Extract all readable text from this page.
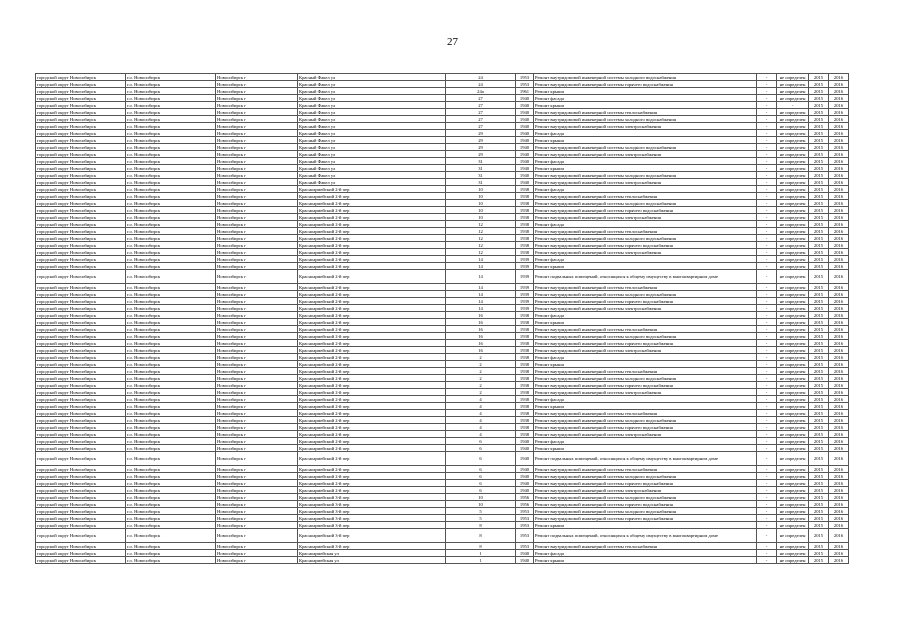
27
городской округ Новосибирск	г.о. Новосибирск	Новосибирск г	Красный Факел ул	24	1953	Ремонт внутридомовой инженерной системы холодного водоснабжения	-	не определен	2015	2016
городской округ Новосибирск	г.о. Новосибирск	Новосибирск г	Красный Факел ул	24	1953	Ремонт внутридомовой инженерной системы горячего водоснабжения	-	не определен	2015	2016
городской округ Новосибирск	г.о. Новосибирск	Новосибирск г	Красный Факел ул	24а	1961	Ремонт крыши	-	не определен	2015	2016
городской округ Новосибирск	г.о. Новосибирск	Новосибирск г	Красный Факел ул	27	1940	Ремонт фасада	-	не определен	2015	2016
городской округ Новосибирск	г.о. Новосибирск	Новосибирск г	Красный Факел ул	27	1940	Ремонт крыши	-	-	2015	2016
городской округ Новосибирск	г.о. Новосибирск	Новосибирск г	Красный Факел ул	27	1940	Ремонт внутридомовой инженерной системы теплоснабжения	-	не определен	2015	2016
городской округ Новосибирск	г.о. Новосибирск	Новосибирск г	Красный Факел ул	27	1940	Ремонт внутридомовой инженерной системы холодного водоснабжения	-	не определен	2015	2016
городской округ Новосибирск	г.о. Новосибирск	Новосибирск г	Красный Факел ул	27	1940	Ремонт внутридомовой инженерной системы электроснабжения	-	не определен	2015	2016
городской округ Новосибирск	г.о. Новосибирск	Новосибирск г	Красный Факел ул	29	1940	Ремонт фасада	-	не определен	2015	2016
городской округ Новосибирск	г.о. Новосибирск	Новосибирск г	Красный Факел ул	29	1940	Ремонт крыши	-	не определен	2015	2016
городской округ Новосибирск	г.о. Новосибирск	Новосибирск г	Красный Факел ул	29	1940	Ремонт внутридомовой инженерной системы холодного водоснабжения	-	не определен	2015	2016
городской округ Новосибирск	г.о. Новосибирск	Новосибирск г	Красный Факел ул	29	1940	Ремонт внутридомовой инженерной системы электроснабжения	-	не определен	2015	2016
городской округ Новосибирск	г.о. Новосибирск	Новосибирск г	Красный Факел ул	31	1940	Ремонт фасада	-	не определен	2015	2016
городской округ Новосибирск	г.о. Новосибирск	Новосибирск г	Красный Факел ул	31	1940	Ремонт крыши	-	не определен	2015	2016
городской округ Новосибирск	г.о. Новосибирск	Новосибирск г	Красный Факел ул	31	1940	Ремонт внутридомовой инженерной системы холодного водоснабжения	-	не определен	2015	2016
городской округ Новосибирск	г.о. Новосибирск	Новосибирск г	Красный Факел ул	31	1940	Ремонт внутридомовой инженерной системы электроснабжения	-	не определен	2015	2016
городской округ Новосибирск	г.о. Новосибирск	Новосибирск г	Красноармейский 2-й пер	10	1938	Ремонт фасада	-	не определен	2015	2016
городской округ Новосибирск	г.о. Новосибирск	Новосибирск г	Красноармейский 2-й пер	10	1938	Ремонт внутридомовой инженерной системы теплоснабжения	-	не определен	2015	2016
городской округ Новосибирск	г.о. Новосибирск	Новосибирск г	Красноармейский 2-й пер	10	1938	Ремонт внутридомовой инженерной системы холодного водоснабжения	-	не определен	2015	2016
городской округ Новосибирск	г.о. Новосибирск	Новосибирск г	Красноармейский 2-й пер	10	1938	Ремонт внутридомовой инженерной системы горячего водоснабжения	-	не определен	2015	2016
городской округ Новосибирск	г.о. Новосибирск	Новосибирск г	Красноармейский 2-й пер	10	1938	Ремонт внутридомовой инженерной системы электроснабжения	-	не определен	2015	2016
городской округ Новосибирск	г.о. Новосибирск	Новосибирск г	Красноармейский 2-й пер	12	1938	Ремонт фасада	-	не определен	2015	2016
городской округ Новосибирск	г.о. Новосибирск	Новосибирск г	Красноармейский 2-й пер	12	1938	Ремонт внутридомовой инженерной системы теплоснабжения	-	не определен	2015	2016
городской округ Новосибирск	г.о. Новосибирск	Новосибирск г	Красноармейский 2-й пер	12	1938	Ремонт внутридомовой инженерной системы холодного водоснабжения	-	не определен	2015	2016
городской округ Новосибирск	г.о. Новосибирск	Новосибирск г	Красноармейский 2-й пер	12	1938	Ремонт внутридомовой инженерной системы горячего водоснабжения	-	не определен	2015	2016
городской округ Новосибирск	г.о. Новосибирск	Новосибирск г	Красноармейский 2-й пер	12	1938	Ремонт внутридомовой инженерной системы электроснабжения	-	не определен	2015	2016
городской округ Новосибирск	г.о. Новосибирск	Новосибирск г	Красноармейский 2-й пер	14	1939	Ремонт фасада	-	не определен	2015	2016
городской округ Новосибирск	г.о. Новосибирск	Новосибирск г	Красноармейский 2-й пер	14	1939	Ремонт крыши	-	не определен	2015	2016
городской округ Новосибирск	г.о. Новосибирск	Новосибирск г	Красноармейский 2-й пер	14	1939	Ремонт подвальных помещений, относящихся к общему имуществу в многоквартирном доме	-	не определен	2015	2016
городской округ Новосибирск	г.о. Новосибирск	Новосибирск г	Красноармейский 2-й пер	14	1939	Ремонт внутридомовой инженерной системы теплоснабжения	-	не определен	2015	2016
городской округ Новосибирск	г.о. Новосибирск	Новосибирск г	Красноармейский 2-й пер	14	1939	Ремонт внутридомовой инженерной системы холодного водоснабжения	-	не определен	2015	2016
городской округ Новосибирск	г.о. Новосибирск	Новосибирск г	Красноармейский 2-й пер	14	1939	Ремонт внутридомовой инженерной системы горячего водоснабжения	-	не определен	2015	2016
городской округ Новосибирск	г.о. Новосибирск	Новосибирск г	Красноармейский 2-й пер	14	1939	Ремонт внутридомовой инженерной системы электроснабжения	-	не определен	2015	2016
городской округ Новосибирск	г.о. Новосибирск	Новосибирск г	Красноармейский 2-й пер	16	1938	Ремонт фасада	-	не определен	2015	2016
городской округ Новосибирск	г.о. Новосибирск	Новосибирск г	Красноармейский 2-й пер	16	1938	Ремонт крыши	-	не определен	2015	2016
городской округ Новосибирск	г.о. Новосибирск	Новосибирск г	Красноармейский 2-й пер	16	1938	Ремонт внутридомовой инженерной системы теплоснабжения	-	не определен	2015	2016
городской округ Новосибирск	г.о. Новосибирск	Новосибирск г	Красноармейский 2-й пер	16	1938	Ремонт внутридомовой инженерной системы холодного водоснабжения	-	не определен	2015	2016
городской округ Новосибирск	г.о. Новосибирск	Новосибирск г	Красноармейский 2-й пер	16	1938	Ремонт внутридомовой инженерной системы горячего водоснабжения	-	не определен	2015	2016
городской округ Новосибирск	г.о. Новосибирск	Новосибирск г	Красноармейский 2-й пер	16	1938	Ремонт внутридомовой инженерной системы электроснабжения	-	не определен	2015	2016
городской округ Новосибирск	г.о. Новосибирск	Новосибирск г	Красноармейский 2-й пер	2	1938	Ремонт фасада	-	не определен	2015	2016
городской округ Новосибирск	г.о. Новосибирск	Новосибирск г	Красноармейский 2-й пер	2	1938	Ремонт крыши	-	не определен	2015	2016
городской округ Новосибирск	г.о. Новосибирск	Новосибирск г	Красноармейский 2-й пер	2	1938	Ремонт внутридомовой инженерной системы теплоснабжения	-	не определен	2015	2016
городской округ Новосибирск	г.о. Новосибирск	Новосибирск г	Красноармейский 2-й пер	2	1938	Ремонт внутридомовой инженерной системы холодного водоснабжения	-	не определен	2015	2016
городской округ Новосибирск	г.о. Новосибирск	Новосибирск г	Красноармейский 2-й пер	2	1938	Ремонт внутридомовой инженерной системы горячего водоснабжения	-	не определен	2015	2016
городской округ Новосибирск	г.о. Новосибирск	Новосибирск г	Красноармейский 2-й пер	2	1938	Ремонт внутридомовой инженерной системы электроснабжения	-	не определен	2015	2016
городской округ Новосибирск	г.о. Новосибирск	Новосибирск г	Красноармейский 2-й пер	4	1938	Ремонт фасада	-	не определен	2015	2016
городской округ Новосибирск	г.о. Новосибирск	Новосибирск г	Красноармейский 2-й пер	4	1938	Ремонт крыши	-	не определен	2015	2016
городской округ Новосибирск	г.о. Новосибирск	Новосибирск г	Красноармейский 2-й пер	4	1938	Ремонт внутридомовой инженерной системы теплоснабжения	-	не определен	2015	2016
городской округ Новосибирск	г.о. Новосибирск	Новосибирск г	Красноармейский 2-й пер	4	1938	Ремонт внутридомовой инженерной системы холодного водоснабжения	-	не определен	2015	2016
городской округ Новосибирск	г.о. Новосибирск	Новосибирск г	Красноармейский 2-й пер	4	1938	Ремонт внутридомовой инженерной системы горячего водоснабжения	-	не определен	2015	2016
городской округ Новосибирск	г.о. Новосибирск	Новосибирск г	Красноармейский 2-й пер	4	1938	Ремонт внутридомовой инженерной системы электроснабжения	-	не определен	2015	2016
городской округ Новосибирск	г.о. Новосибирск	Новосибирск г	Красноармейский 2-й пер	6	1940	Ремонт фасада	-	не определен	2015	2016
городской округ Новосибирск	г.о. Новосибирск	Новосибирск г	Красноармейский 2-й пер	6	1940	Ремонт крыши	-	не определен	2015	2016
городской округ Новосибирск	г.о. Новосибирск	Новосибирск г	Красноармейский 2-й пер	6	1940	Ремонт подвальных помещений, относящихся к общему имуществу в многоквартирном доме	-	не определен	2015	2016
городской округ Новосибирск	г.о. Новосибирск	Новосибирск г	Красноармейский 2-й пер	6	1940	Ремонт внутридомовой инженерной системы теплоснабжения	-	не определен	2015	2016
городской округ Новосибирск	г.о. Новосибирск	Новосибирск г	Красноармейский 2-й пер	6	1940	Ремонт внутридомовой инженерной системы холодного водоснабжения	-	не определен	2015	2016
городской округ Новосибирск	г.о. Новосибирск	Новосибирск г	Красноармейский 2-й пер	6	1940	Ремонт внутридомовой инженерной системы горячего водоснабжения	-	не определен	2015	2016
городской округ Новосибирск	г.о. Новосибирск	Новосибирск г	Красноармейский 2-й пер	6	1940	Ремонт внутридомовой инженерной системы электроснабжения	-	не определен	2015	2016
городской округ Новосибирск	г.о. Новосибирск	Новосибирск г	Красноармейский 3-й пер	10	1956	Ремонт внутридомовой инженерной системы холодного водоснабжения	-	не определен	2015	2016
городской округ Новосибирск	г.о. Новосибирск	Новосибирск г	Красноармейский 3-й пер	10	1956	Ремонт внутридомовой инженерной системы горячего водоснабжения	-	не определен	2015	2016
городской округ Новосибирск	г.о. Новосибирск	Новосибирск г	Красноармейский 3-й пер	5	1953	Ремонт внутридомовой инженерной системы холодного водоснабжения	-	не определен	2015	2016
городской округ Новосибирск	г.о. Новосибирск	Новосибирск г	Красноармейский 3-й пер	5	1953	Ремонт внутридомовой инженерной системы горячего водоснабжения	-	не определен	2015	2016
городской округ Новосибирск	г.о. Новосибирск	Новосибирск г	Красноармейский 3-й пер	8	1953	Ремонт крыши	-	не определен	2015	2016
городской округ Новосибирск	г.о. Новосибирск	Новосибирск г	Красноармейский 3-й пер	8	1953	Ремонт подвальных помещений, относящихся к общему имуществу в многоквартирном доме	-	не определен	2015	2016
городской округ Новосибирск	г.о. Новосибирск	Новосибирск г	Красноармейский 3-й пер	8	1953	Ремонт внутридомовой инженерной системы теплоснабжения	-	не определен	2015	2016
городской округ Новосибирск	г.о. Новосибирск	Новосибирск г	Красноармейская ул	1	1940	Ремонт фасада	-	не определен	2015	2016
городской округ Новосибирск	г.о. Новосибирск	Новосибирск г	Красноармейская ул	1	1940	Ремонт крыши	-	не определен	2015	2016
